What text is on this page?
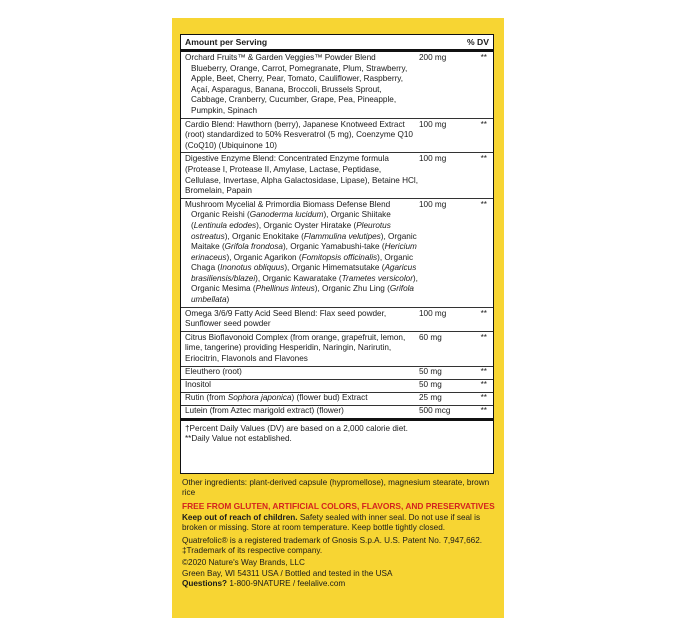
Amount per Serving	% DV
Orchard Fruits™ & Garden Veggies™ Powder Blend

Blueberry, Orange, Carrot, Pomegranate, Plum, Strawberry, Apple, Beet, Cherry, Pear, Tomato, Cauliflower, Raspberry, Açaí, Asparagus, Banana, Broccoli, Brussels Sprout, Cabbage, Cranberry, Cucumber, Grape, Pea, Pineapple, Pumpkin, Spinach
200 mg	**
Cardio Blend: Hawthorn (berry), Japanese Knotweed Extract (root) standardized to 50% Resveratrol (5 mg), Coenzyme Q10 (CoQ10) (Ubiquinone 10)
100 mg	**
Digestive Enzyme Blend: Concentrated Enzyme formula (Protease I, Protease II, Amylase, Lactase, Peptidase, Cellulase, Invertase, Alpha Galactosidase, Lipase), Betaine HCl, Bromelain, Papain
100 mg	**
Mushroom Mycelial & Primordia Biomass Defense Blend

Organic Reishi (Ganoderma lucidum), Organic Shiitake (Lentinula edodes), Organic Oyster Hiratake (Pleurotus ostreatus), Organic Enokitake (Flammulina velutipes), Organic Maitake (Grifola frondosa), Organic Yamabushi-take (Hericium erinaceus), Organic Agarikon (Fomitopsis officinalis), Organic Chaga (Inonotus obliquus), Organic Himematsutake (Agaricus brasiliensis/blazei), Organic Kawaratake (Trametes versicolor), Organic Mesima (Phellinus linteus), Organic Zhu Ling (Grifola umbellata)
100 mg	**
Omega 3/6/9 Fatty Acid Seed Blend: Flax seed powder, Sunflower seed powder
100 mg	**
Citrus Bioflavonoid Complex (from orange, grapefruit, lemon, lime, tangerine) providing Hesperidin, Naringin, Narirutin, Eriocitrin, Flavonols and Flavones
60 mg	**
Eleuthero (root)	50 mg	**
Inositol	50 mg	**
Rutin (from Sophora japonica) (flower bud) Extract	25 mg	**
Lutein (from Aztec marigold extract) (flower)	500 mcg	**
†Percent Daily Values (DV) are based on a 2,000 calorie diet.
**Daily Value not established.

Other ingredients: plant-derived capsule (hypromellose), magnesium stearate, brown rice

FREE FROM GLUTEN, ARTIFICIAL COLORS, FLAVORS, AND PRESERVATIVES

Keep out of reach of children. Safety sealed with inner seal. Do not use if seal is broken or missing. Store at room temperature. Keep bottle tightly closed.

Quatrefolic® is a registered trademark of Gnosis S.p.A. U.S. Patent No. 7,947,662.

‡Trademark of its respective company.

©2020 Nature's Way Brands, LLC

Green Bay, WI 54311 USA / Bottled and tested in the USA

Questions? 1-800-9NATURE / feelalive.com
